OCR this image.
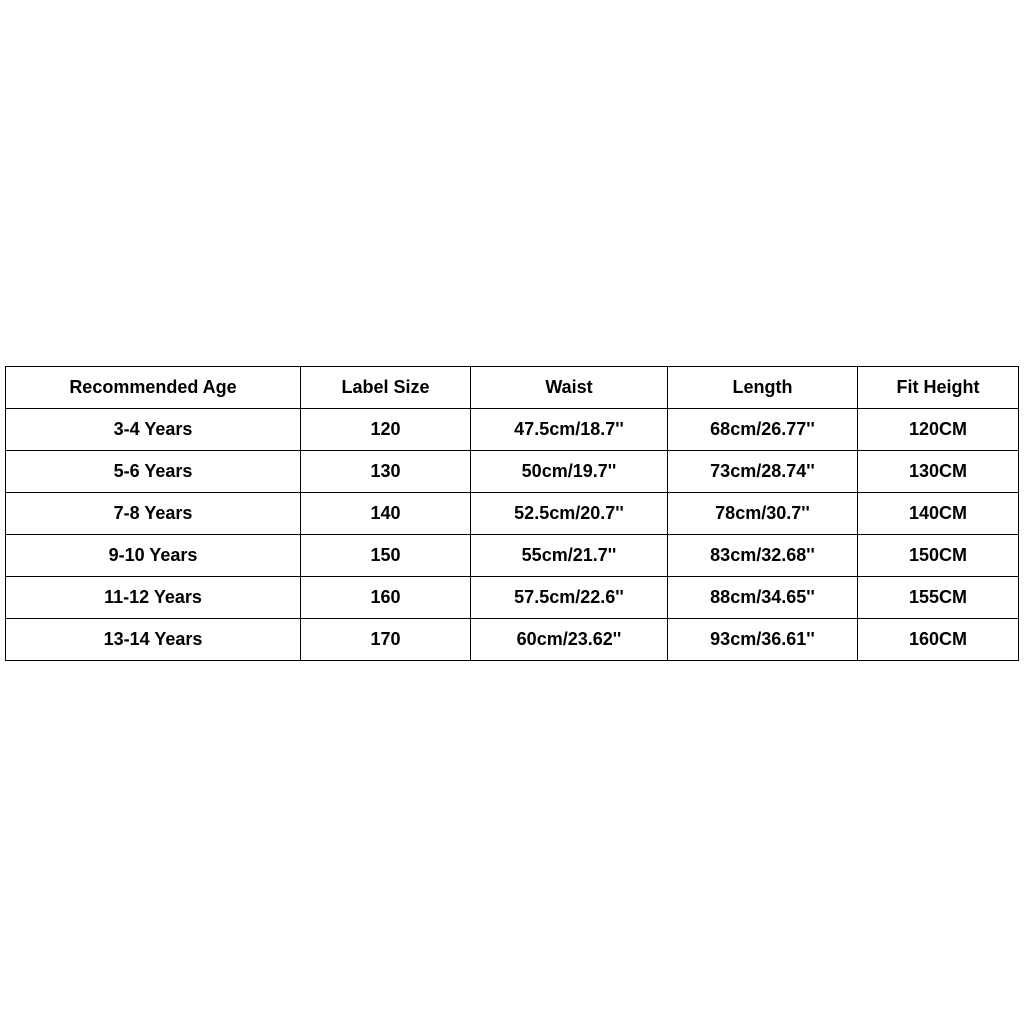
Recommended Age	Label Size	Waist	Length	Fit Height
3-4 Years	120	47.5cm/18.7''	68cm/26.77''	120CM
5-6 Years	130	50cm/19.7''	73cm/28.74''	130CM
7-8 Years	140	52.5cm/20.7''	78cm/30.7''	140CM
9-10 Years	150	55cm/21.7''	83cm/32.68''	150CM
11-12 Years	160	57.5cm/22.6''	88cm/34.65''	155CM
13-14 Years	170	60cm/23.62''	93cm/36.61''	160CM
